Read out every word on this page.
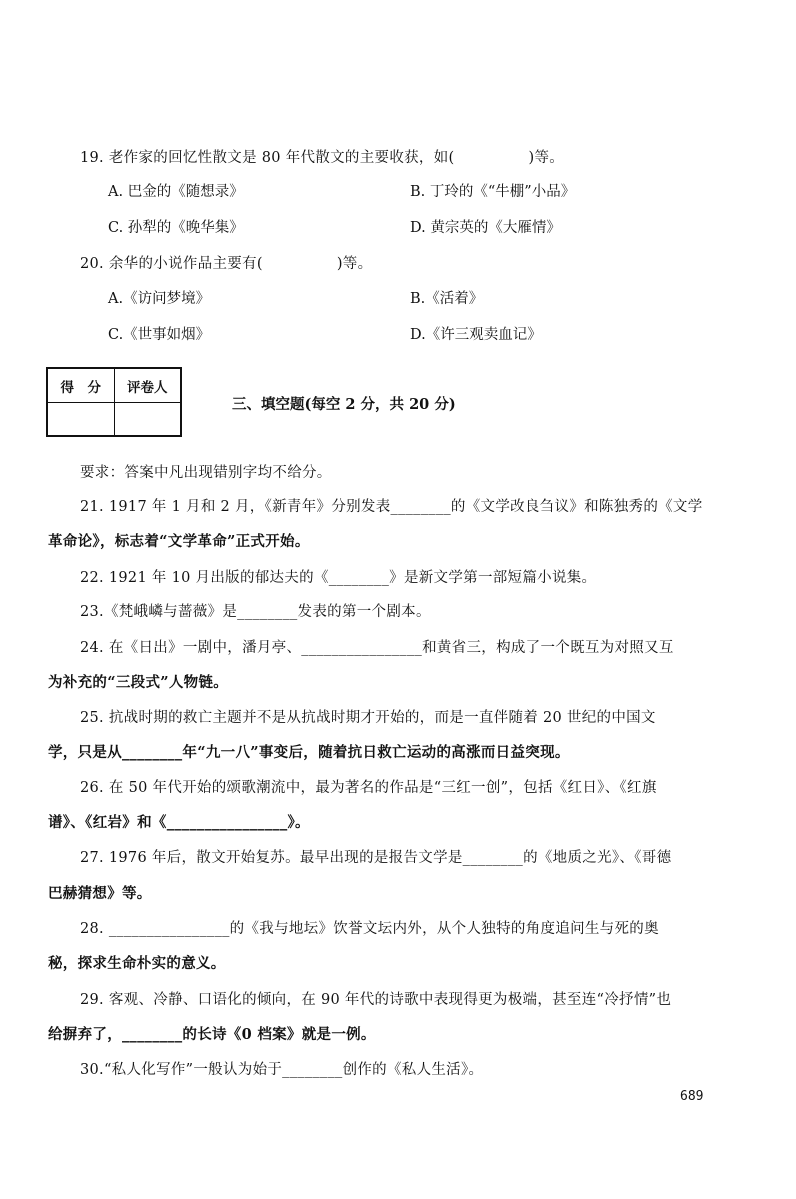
19. 老作家的回忆性散文是 80 年代散文的主要收获，如(　　　　　)等。
A. 巴金的《随想录》	B. 丁玲的《“牛棚”小品》
C. 孙犁的《晚华集》	D. 黄宗英的《大雁情》
20. 余华的小说作品主要有(　　　　　)等。
A.《访问梦境》	B.《活着》
C.《世事如烟》	D.《许三观卖血记》
得　分	评卷人

三、填空题(每空 2 分，共 20 分)
要求：答案中凡出现错别字均不给分。
21. 1917 年 1 月和 2 月，《新青年》分别发表________的《文学改良刍议》和陈独秀的《文学
革命论》，标志着“文学革命”正式开始。
22. 1921 年 10 月出版的郁达夫的《________》是新文学第一部短篇小说集。
23.《梵峨嶙与蔷薇》是________发表的第一个剧本。
24. 在《日出》一剧中，潘月亭、________________和黄省三，构成了一个既互为对照又互
为补充的“三段式”人物链。
25. 抗战时期的救亡主题并不是从抗战时期才开始的，而是一直伴随着 20 世纪的中国文
学，只是从________年“九一八”事变后，随着抗日救亡运动的高涨而日益突现。
26. 在 50 年代开始的颂歌潮流中，最为著名的作品是“三红一创”，包括《红日》、《红旗
谱》、《红岩》和《________________》。
27. 1976 年后，散文开始复苏。最早出现的是报告文学是________的《地质之光》、《哥德
巴赫猜想》等。
28. ________________的《我与地坛》饮誉文坛内外，从个人独特的角度追问生与死的奥
秘，探求生命朴实的意义。
29. 客观、冷静、口语化的倾向，在 90 年代的诗歌中表现得更为极端，甚至连“冷抒情”也
给摒弃了，________的长诗《0 档案》就是一例。
30.“私人化写作”一般认为始于________创作的《私人生活》。
689
